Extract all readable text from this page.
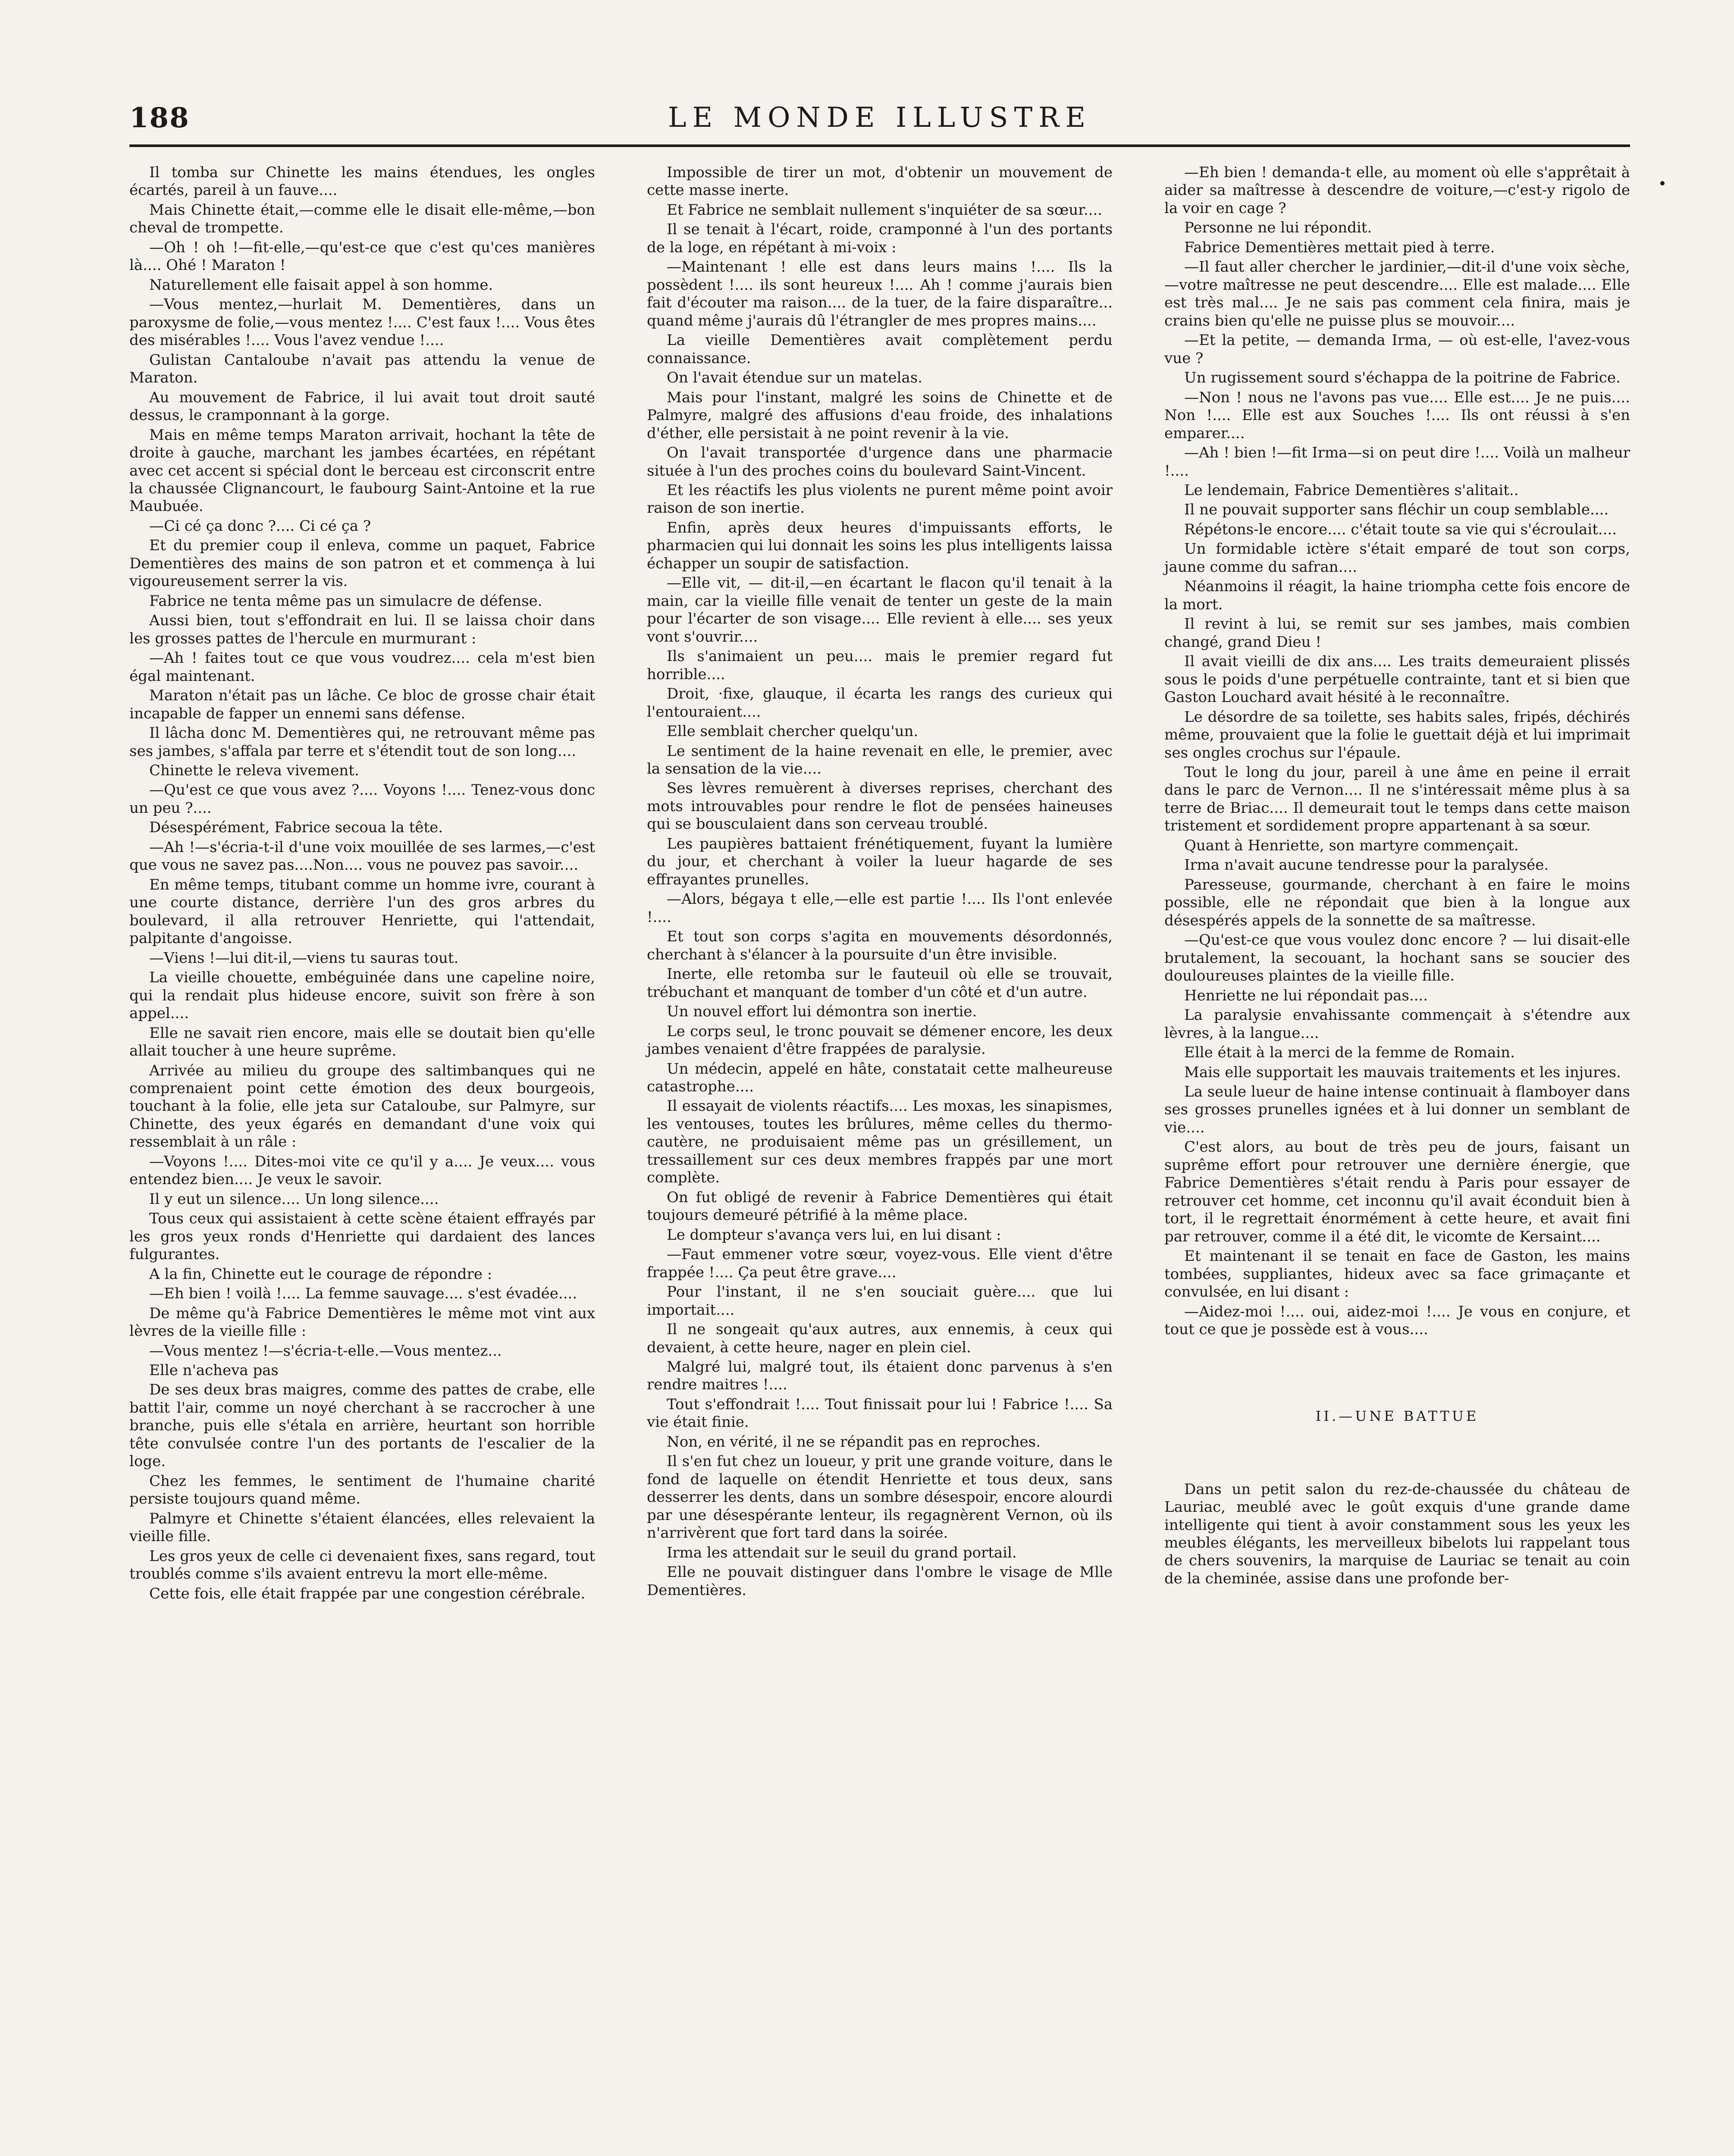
188	LE MONDE ILLUSTRE

Il tomba sur Chinette les mains étendues, les ongles écartés, pareil à un fauve....

Mais Chinette était,—comme elle le disait elle-même,—bon cheval de trompette.

—Oh ! oh !—fit-elle,—qu'est-ce que c'est qu'ces manières là.... Ohé ! Maraton !

Naturellement elle faisait appel à son homme.

—Vous mentez,—hurlait M. Dementières, dans un paroxysme de folie,—vous mentez !.... C'est faux !.... Vous êtes des misérables !.... Vous l'avez vendue !....

Gulistan Cantaloube n'avait pas attendu la venue de Maraton.

Au mouvement de Fabrice, il lui avait tout droit sauté dessus, le cramponnant à la gorge.

Mais en même temps Maraton arrivait, hochant la tête de droite à gauche, marchant les jambes écartées, en répétant avec cet accent si spécial dont le berceau est circonscrit entre la chaussée Clignancourt, le faubourg Saint-Antoine et la rue Maubuée.

—Ci cé ça donc ?.... Ci cé ça ?

Et du premier coup il enleva, comme un paquet, Fabrice Dementières des mains de son patron et et commença à lui vigoureusement serrer la vis.

Fabrice ne tenta même pas un simulacre de défense.

Aussi bien, tout s'effondrait en lui. Il se laissa choir dans les grosses pattes de l'hercule en murmurant :

—Ah ! faites tout ce que vous voudrez.... cela m'est bien égal maintenant.

Maraton n'était pas un lâche. Ce bloc de grosse chair était incapable de fapper un ennemi sans défense.

Il lâcha donc M. Dementières qui, ne retrouvant même pas ses jambes, s'affala par terre et s'étendit tout de son long....

Chinette le releva vivement.

—Qu'est ce que vous avez ?.... Voyons !.... Tenez-vous donc un peu ?....

Désespérément, Fabrice secoua la tête.

—Ah !—s'écria-t-il d'une voix mouillée de ses larmes,—c'est que vous ne savez pas....Non.... vous ne pouvez pas savoir....

En même temps, titubant comme un homme ivre, courant à une courte distance, derrière l'un des gros arbres du boulevard, il alla retrouver Henriette, qui l'attendait, palpitante d'angoisse.

—Viens !—lui dit-il,—viens tu sauras tout.

La vieille chouette, embéguinée dans une capeline noire, qui la rendait plus hideuse encore, suivit son frère à son appel....

Elle ne savait rien encore, mais elle se doutait bien qu'elle allait toucher à une heure suprême.

Arrivée au milieu du groupe des saltimbanques qui ne comprenaient point cette émotion des deux bourgeois, touchant à la folie, elle jeta sur Cataloube, sur Palmyre, sur Chinette, des yeux égarés en demandant d'une voix qui ressemblait à un râle :

—Voyons !.... Dites-moi vite ce qu'il y a.... Je veux.... vous entendez bien.... Je veux le savoir.

Il y eut un silence.... Un long silence....

Tous ceux qui assistaient à cette scène étaient effrayés par les gros yeux ronds d'Henriette qui dardaient des lances fulgurantes.

A la fin, Chinette eut le courage de répondre :

—Eh bien ! voilà !.... La femme sauvage.... s'est évadée....

De même qu'à Fabrice Dementières le même mot vint aux lèvres de la vieille fille :

—Vous mentez !—s'écria-t-elle.—Vous mentez...

Elle n'acheva pas

De ses deux bras maigres, comme des pattes de crabe, elle battit l'air, comme un noyé cherchant à se raccrocher à une branche, puis elle s'étala en arrière, heurtant son horrible tête convulsée contre l'un des portants de l'escalier de la loge.

Chez les femmes, le sentiment de l'humaine charité persiste toujours quand même.

Palmyre et Chinette s'étaient élancées, elles relevaient la vieille fille.

Les gros yeux de celle ci devenaient fixes, sans regard, tout troublés comme s'ils avaient entrevu la mort elle-même.

Cette fois, elle était frappée par une congestion cérébrale.

Impossible de tirer un mot, d'obtenir un mouvement de cette masse inerte.

Et Fabrice ne semblait nullement s'inquiéter de sa sœur....

Il se tenait à l'écart, roide, cramponné à l'un des portants de la loge, en répétant à mi-voix :

—Maintenant ! elle est dans leurs mains !.... Ils la possèdent !.... ils sont heureux !.... Ah ! comme j'aurais bien fait d'écouter ma raison.... de la tuer, de la faire disparaître... quand même j'aurais dû l'étrangler de mes propres mains....

La vieille Dementières avait complètement perdu connaissance.

On l'avait étendue sur un matelas.

Mais pour l'instant, malgré les soins de Chinette et de Palmyre, malgré des affusions d'eau froide, des inhalations d'éther, elle persistait à ne point revenir à la vie.

On l'avait transportée d'urgence dans une pharmacie située à l'un des proches coins du boulevard Saint-Vincent.

Et les réactifs les plus violents ne purent même point avoir raison de son inertie.

Enfin, après deux heures d'impuissants efforts, le pharmacien qui lui donnait les soins les plus intelligents laissa échapper un soupir de satisfaction.

—Elle vit, — dit-il,—en écartant le flacon qu'il tenait à la main, car la vieille fille venait de tenter un geste de la main pour l'écarter de son visage.... Elle revient à elle.... ses yeux vont s'ouvrir....

Ils s'animaient un peu.... mais le premier regard fut horrible....

Droit, ·fixe, glauque, il écarta les rangs des curieux qui l'entouraient....

Elle semblait chercher quelqu'un.

Le sentiment de la haine revenait en elle, le premier, avec la sensation de la vie....

Ses lèvres remuèrent à diverses reprises, cherchant des mots introuvables pour rendre le flot de pensées haineuses qui se bousculaient dans son cerveau troublé.

Les paupières battaient frénétiquement, fuyant la lumière du jour, et cherchant à voiler la lueur hagarde de ses effrayantes prunelles.

—Alors, bégaya t elle,—elle est partie !.... Ils l'ont enlevée !....

Et tout son corps s'agita en mouvements désordonnés, cherchant à s'élancer à la poursuite d'un être invisible.

Inerte, elle retomba sur le fauteuil où elle se trouvait, trébuchant et manquant de tomber d'un côté et d'un autre.

Un nouvel effort lui démontra son inertie.

Le corps seul, le tronc pouvait se démener encore, les deux jambes venaient d'être frappées de paralysie.

Un médecin, appelé en hâte, constatait cette malheureuse catastrophe....

Il essayait de violents réactifs.... Les moxas, les sinapismes, les ventouses, toutes les brûlures, même celles du thermo-cautère, ne produisaient même pas un grésillement, un tressaillement sur ces deux membres frappés par une mort complète.

On fut obligé de revenir à Fabrice Dementières qui était toujours demeuré pétrifié à la même place.

Le dompteur s'avança vers lui, en lui disant :

—Faut emmener votre sœur, voyez-vous. Elle vient d'être frappée !.... Ça peut être grave....

Pour l'instant, il ne s'en souciait guère.... que lui importait....

Il ne songeait qu'aux autres, aux ennemis, à ceux qui devaient, à cette heure, nager en plein ciel.

Malgré lui, malgré tout, ils étaient donc parvenus à s'en rendre maitres !....

Tout s'effondrait !.... Tout finissait pour lui ! Fabrice !.... Sa vie était finie.

Non, en vérité, il ne se répandit pas en reproches.

Il s'en fut chez un loueur, y prit une grande voiture, dans le fond de laquelle on étendit Henriette et tous deux, sans desserrer les dents, dans un sombre désespoir, encore alourdi par une désespérante lenteur, ils regagnèrent Vernon, où ils n'arrivèrent que fort tard dans la soirée.

Irma les attendait sur le seuil du grand portail.

Elle ne pouvait distinguer dans l'ombre le visage de Mlle Dementières.

—Eh bien ! demanda-t elle, au moment où elle s'apprêtait à aider sa maîtresse à descendre de voiture,—c'est-y rigolo de la voir en cage ?

Personne ne lui répondit.

Fabrice Dementières mettait pied à terre.

—Il faut aller chercher le jardinier,—dit-il d'une voix sèche,—votre maîtresse ne peut descendre.... Elle est malade.... Elle est très mal.... Je ne sais pas comment cela finira, mais je crains bien qu'elle ne puisse plus se mouvoir....

—Et la petite, — demanda Irma, — où est-elle, l'avez-vous vue ?

Un rugissement sourd s'échappa de la poitrine de Fabrice.

—Non ! nous ne l'avons pas vue.... Elle est.... Je ne puis.... Non !.... Elle est aux Souches !.... Ils ont réussi à s'en emparer....

—Ah ! bien !—fit Irma—si on peut dire !.... Voilà un malheur !....

Le lendemain, Fabrice Dementières s'alitait..

Il ne pouvait supporter sans fléchir un coup semblable....

Répétons-le encore.... c'était toute sa vie qui s'écroulait....

Un formidable ictère s'était emparé de tout son corps, jaune comme du safran....

Néanmoins il réagit, la haine triompha cette fois encore de la mort.

Il revint à lui, se remit sur ses jambes, mais combien changé, grand Dieu !

Il avait vieilli de dix ans.... Les traits demeuraient plissés sous le poids d'une perpétuelle contrainte, tant et si bien que Gaston Louchard avait hésité à le reconnaître.

Le désordre de sa toilette, ses habits sales, fripés, déchirés même, prouvaient que la folie le guettait déjà et lui imprimait ses ongles crochus sur l'épaule.

Tout le long du jour, pareil à une âme en peine il errait dans le parc de Vernon.... Il ne s'intéressait même plus à sa terre de Briac.... Il demeurait tout le temps dans cette maison tristement et sordidement propre appartenant à sa sœur.

Quant à Henriette, son martyre commençait.

Irma n'avait aucune tendresse pour la paralysée.

Paresseuse, gourmande, cherchant à en faire le moins possible, elle ne répondait que bien à la longue aux désespérés appels de la sonnette de sa maîtresse.

—Qu'est-ce que vous voulez donc encore ? — lui disait-elle brutalement, la secouant, la hochant sans se soucier des douloureuses plaintes de la vieille fille.

Henriette ne lui répondait pas....

La paralysie envahissante commençait à s'étendre aux lèvres, à la langue....

Elle était à la merci de la femme de Romain.

Mais elle supportait les mauvais traitements et les injures.

La seule lueur de haine intense continuait à flamboyer dans ses grosses prunelles ignées et à lui donner un semblant de vie....

C'est alors, au bout de très peu de jours, faisant un suprême effort pour retrouver une dernière énergie, que Fabrice Dementières s'était rendu à Paris pour essayer de retrouver cet homme, cet inconnu qu'il avait éconduit bien à tort, il le regrettait énormément à cette heure, et avait fini par retrouver, comme il a été dit, le vicomte de Kersaint....

Et maintenant il se tenait en face de Gaston, les mains tombées, suppliantes, hideux avec sa face grimaçante et convulsée, en lui disant :

—Aidez-moi !.... oui, aidez-moi !.... Je vous en conjure, et tout ce que je possède est à vous....

II.—UNE BATTUE

Dans un petit salon du rez-de-chaussée du château de Lauriac, meublé avec le goût exquis d'une grande dame intelligente qui tient à avoir constamment sous les yeux les meubles élégants, les merveilleux bibelots lui rappelant tous de chers souvenirs, la marquise de Lauriac se tenait au coin de la cheminée, assise dans une profonde ber-
